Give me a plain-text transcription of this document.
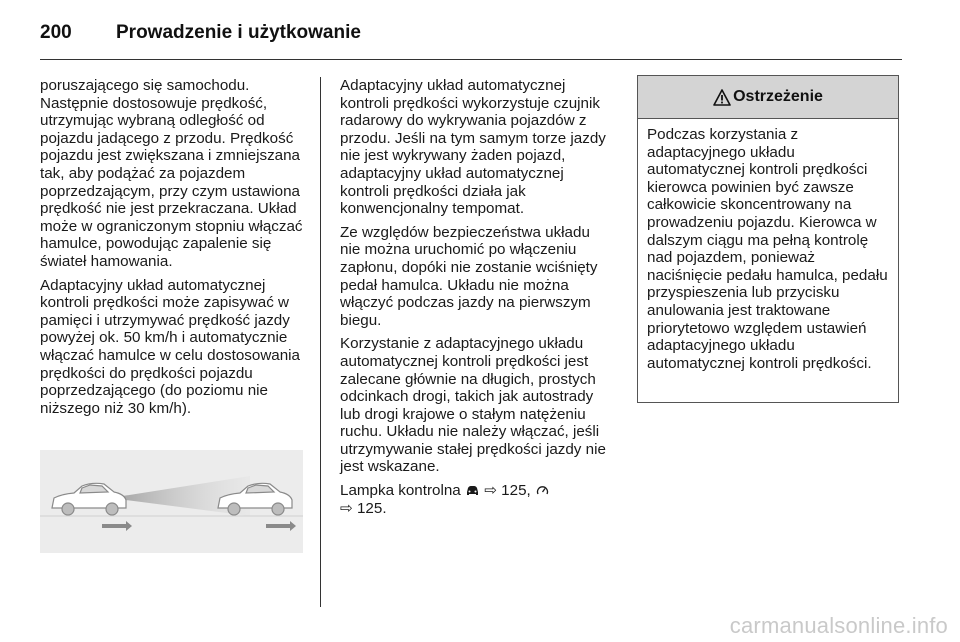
200 Prowadzenie i użytkowanie

poruszającego się samochodu. Następnie dostosowuje prędkość, utrzymując wybraną odległość od pojazdu jadącego z przodu. Prędkość pojazdu jest zwiększana i zmniejszana tak, aby podążać za pojazdem poprzedzającym, przy czym ustawiona prędkość nie jest przekraczana. Układ może w ograniczonym stopniu włączać hamulce, powodując zapalenie się świateł hamowania.

Adaptacyjny układ automatycznej kontroli prędkości może zapisywać w pamięci i utrzymywać prędkość jazdy powyżej ok. 50 km/h i automatycznie włączać hamulce w celu dostosowania prędkości do prędkości pojazdu poprzedzającego (do poziomu nie niższego niż 30 km/h).

Adaptacyjny układ automatycznej kontroli prędkości wykorzystuje czujnik radarowy do wykrywania pojazdów z przodu. Jeśli na tym samym torze jazdy nie jest wykrywany żaden pojazd, adaptacyjny układ automatycznej kontroli prędkości działa jak konwencjonalny tempomat.

Ze względów bezpieczeństwa układu nie można uruchomić po włączeniu zapłonu, dopóki nie zostanie wciśnięty pedał hamulca. Układu nie można włączyć podczas jazdy na pierwszym biegu.

Korzystanie z adaptacyjnego układu automatycznej kontroli prędkości jest zalecane głównie na długich, prostych odcinkach drogi, takich jak autostrady lub drogi krajowe o stałym natężeniu ruchu. Układu nie należy włączać, jeśli utrzymywanie stałej prędkości jazdy nie jest wskazane.

Lampka kontrolna ⇨ 125,
⇨ 125.

Ostrzeżenie
Podczas korzystania z adaptacyjnego układu automatycznej kontroli prędkości kierowca powinien być zawsze całkowicie skoncentrowany na prowadzeniu pojazdu. Kierowca w dalszym ciągu ma pełną kontrolę nad pojazdem, ponieważ naciśnięcie pedału hamulca, pedału przyspieszenia lub przycisku anulowania jest traktowane priorytetowo względem ustawień adaptacyjnego układu automatycznej kontroli prędkości.
carmanualsonline.info
